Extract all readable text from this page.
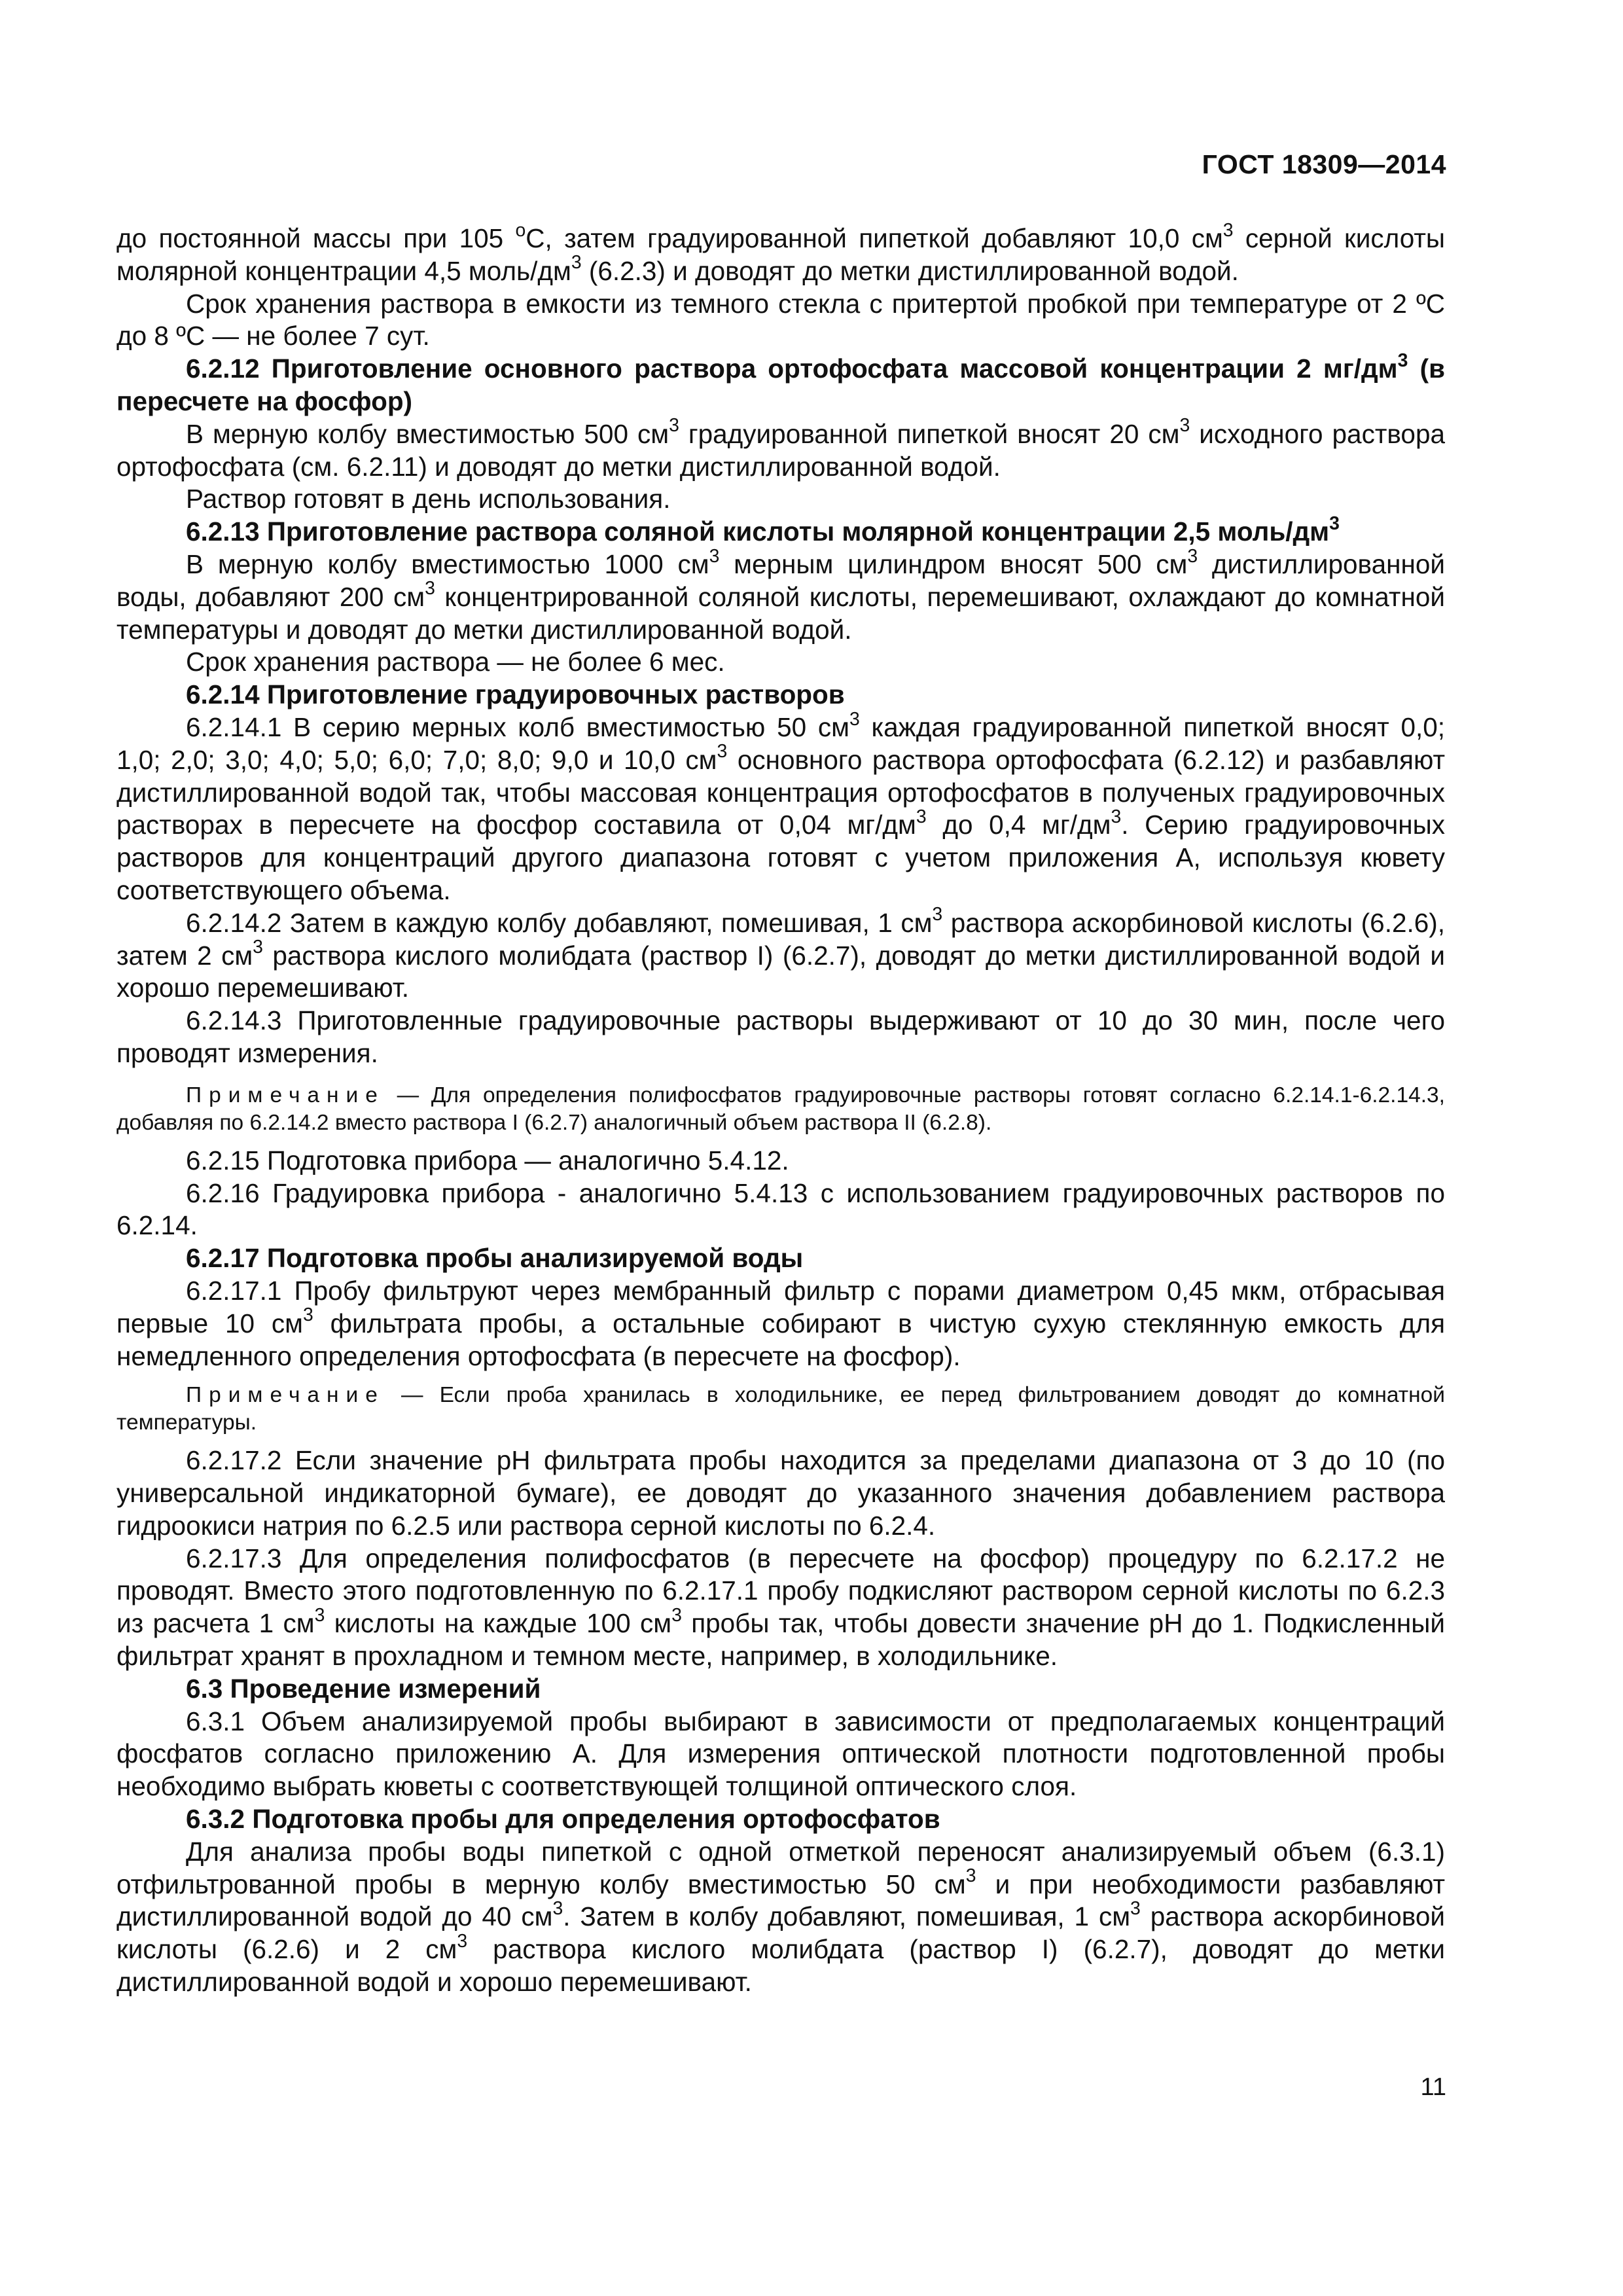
ГОСТ 18309—2014

до постоянной массы при 105 $^o$C, затем градуированной пипеткой добавляют 10,0 $см^3$ серной кислоты молярной концентрации 4,5 моль/$дм^3$ (6.2.3) и доводят до метки дистиллированной водой.

Срок хранения раствора в емкости из темного стекла с притертой пробкой при температуре от 2 ºC до 8 ºC — не более 7 сут.

6.2.12 Приготовление основного раствора ортофосфата массовой концентрации 2 $мг/дм^3$ (в пересчете на фосфор)

В мерную колбу вместимостью 500 $см^3$ градуированной пипеткой вносят 20 $см^3$ исходного раствора ортофосфата (см. 6.2.11) и доводят до метки дистиллированной водой.

Раствор готовят в день использования.

6.2.13 Приготовление раствора соляной кислоты молярной концентрации 2,5 моль/$дм^3$

В мерную колбу вместимостью 1000 $см^3$ мерным цилиндром вносят 500 $см^3$ дистиллированной воды, добавляют 200 $см^3$ концентрированной соляной кислоты, перемешивают, охлаждают до комнатной температуры и доводят до метки дистиллированной водой.

Срок хранения раствора — не более 6 мес.

6.2.14 Приготовление градуировочных растворов

6.2.14.1 В серию мерных колб вместимостью 50 $см^3$ каждая градуированной пипеткой вносят 0,0; 1,0; 2,0; 3,0; 4,0; 5,0; 6,0; 7,0; 8,0; 9,0 и 10,0 $см^3$ основного раствора ортофосфата (6.2.12) и разбавляют дистиллированной водой так, чтобы массовая концентрация ортофосфатов в полученых градуировочных растворах в пересчете на фосфор составила от 0,04 $мг/дм^3$ до 0,4 $мг/дм^3$. Серию градуировочных растворов для концентраций другого диапазона готовят с учетом приложения А, используя кювету соответствующего объема.

6.2.14.2 Затем в каждую колбу добавляют, помешивая, 1 $см^3$ раствора аскорбиновой кислоты (6.2.6), затем 2 $см^3$ раствора кислого молибдата (раствор I) (6.2.7), доводят до метки дистиллированной водой и хорошо перемешивают.

6.2.14.3 Приготовленные градуировочные растворы выдерживают от 10 до 30 мин, после чего проводят измерения.

Примечание — Для определения полифосфатов градуировочные растворы готовят согласно 6.2.14.1-6.2.14.3, добавляя по 6.2.14.2 вместо раствора I (6.2.7) аналогичный объем раствора II (6.2.8).

6.2.15 Подготовка прибора — аналогично 5.4.12.

6.2.16 Градуировка прибора - аналогично 5.4.13 с использованием градуировочных растворов по 6.2.14.

6.2.17 Подготовка пробы анализируемой воды

6.2.17.1 Пробу фильтруют через мембранный фильтр с порами диаметром 0,45 мкм, отбрасывая первые 10 $см^3$ фильтрата пробы, а остальные собирают в чистую сухую стеклянную емкость для немедленного определения ортофосфата (в пересчете на фосфор).

Примечание — Если проба хранилась в холодильнике, ее перед фильтрованием доводят до комнатной температуры.

6.2.17.2 Если значение pH фильтрата пробы находится за пределами диапазона от 3 до 10 (по универсальной индикаторной бумаге), ее доводят до указанного значения добавлением раствора гидроокиси натрия по 6.2.5 или раствора серной кислоты по 6.2.4.

6.2.17.3 Для определения полифосфатов (в пересчете на фосфор) процедуру по 6.2.17.2 не проводят. Вместо этого подготовленную по 6.2.17.1 пробу подкисляют раствором серной кислоты по 6.2.3 из расчета 1 $см^3$ кислоты на каждые 100 $см^3$ пробы так, чтобы довести значение pH до 1. Подкисленный фильтрат хранят в прохладном и темном месте, например, в холодильнике.

6.3 Проведение измерений

6.3.1 Объем анализируемой пробы выбирают в зависимости от предполагаемых концентраций фосфатов согласно приложению А. Для измерения оптической плотности подготовленной пробы необходимо выбрать кюветы с соответствующей толщиной оптического слоя.

6.3.2 Подготовка пробы для определения ортофосфатов

Для анализа пробы воды пипеткой с одной отметкой переносят анализируемый объем (6.3.1) отфильтрованной пробы в мерную колбу вместимостью 50 $см^3$ и при необходимости разбавляют дистиллированной водой до 40 $см^3$. Затем в колбу добавляют, помешивая, 1 $см^3$ раствора аскорбиновой кислоты (6.2.6) и 2 $см^3$ раствора кислого молибдата (раствор I) (6.2.7), доводят до метки дистиллированной водой и хорошо перемешивают.

11
